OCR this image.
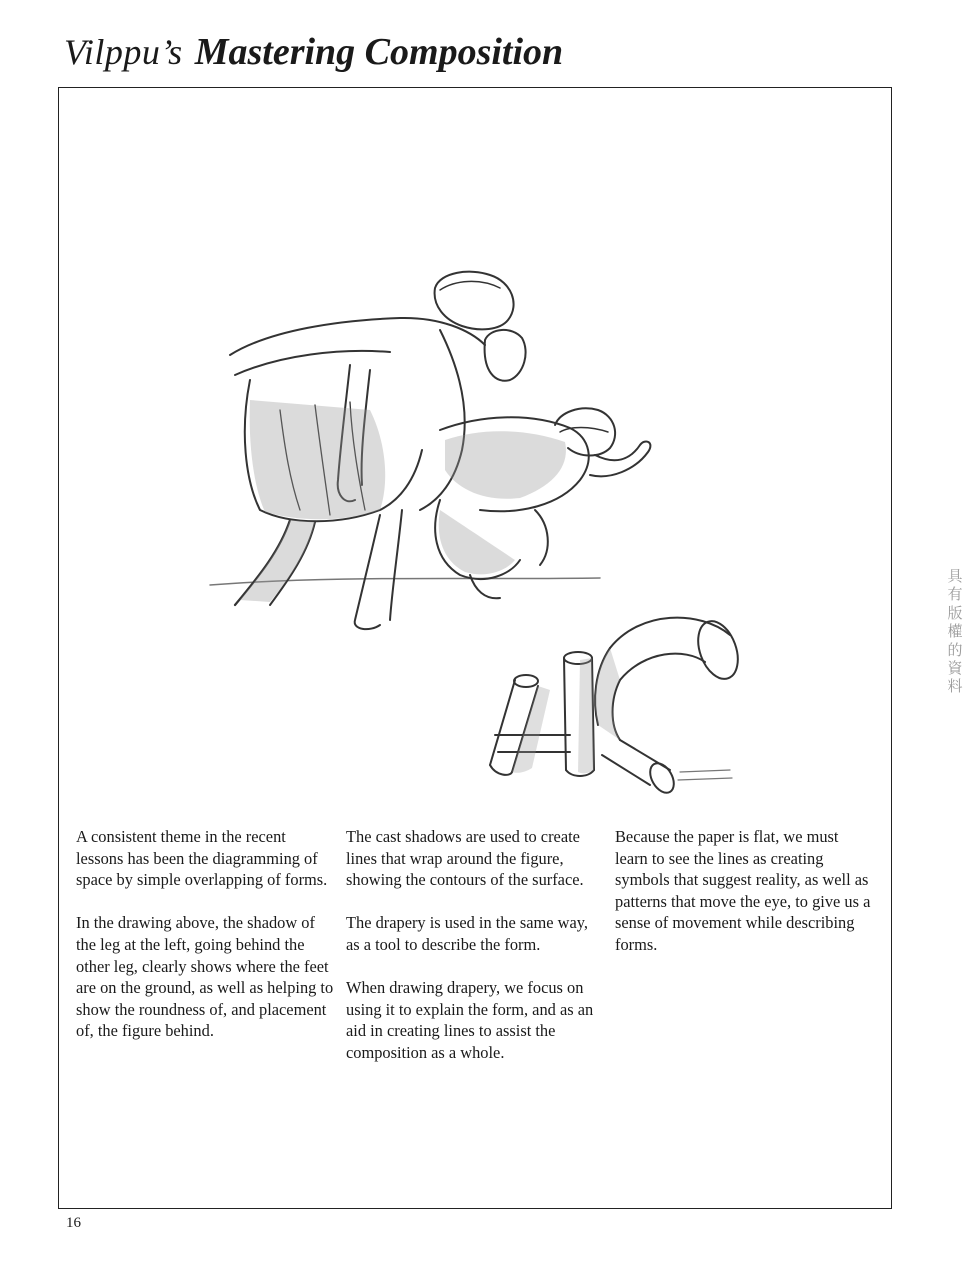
Vilppu’s Mastering Composition

A consistent theme in the recent lessons has been the diagramming of space by simple overlapping of forms.

In the drawing above, the shadow of the leg at the left, going behind the other leg, clearly shows where the feet are on the ground, as well as helping to show the roundness of, and placement of, the figure behind.

The cast shadows are used to create lines that wrap around the figure, showing the contours of the surface.

The drapery is used in the same way, as a tool to describe the form.

When drawing drapery, we focus on using it to explain the form, and as an aid in creating lines to assist the composition as a whole.

Because the paper is flat, we must learn to see the lines as creating symbols that suggest reality, as well as patterns that move the eye, to give us a sense of movement while describing forms.

具有版權的資料
16
